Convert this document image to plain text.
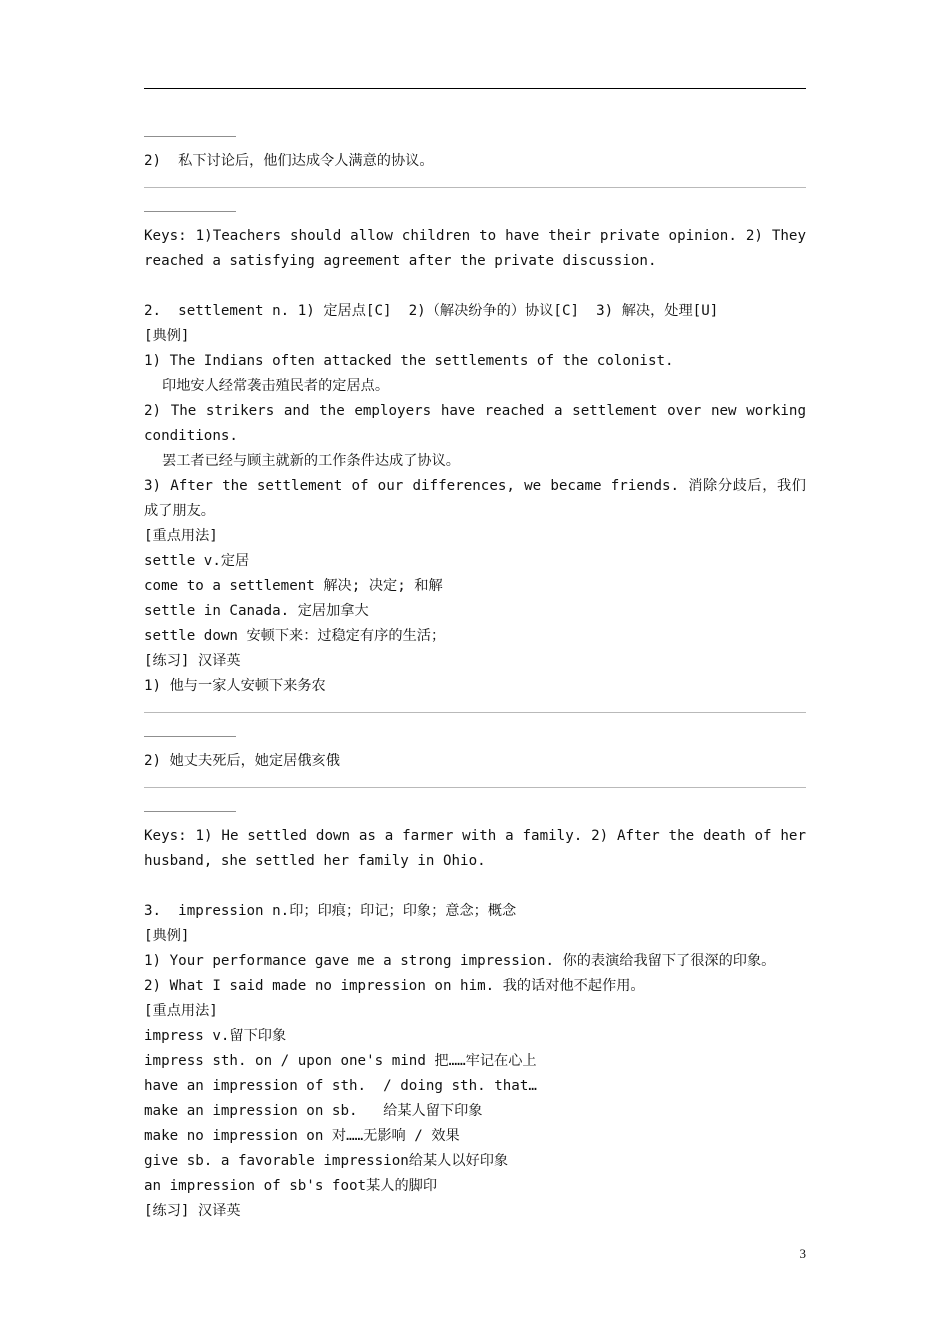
2)  私下讨论后，他们达成令人满意的协议。
Keys: 1)Teachers should allow children to have their private opinion. 2) They reached a satisfying agreement after the private discussion.
2.  settlement n. 1) 定居点[C]  2)（解决纷争的）协议[C]  3) 解决，处理[U]
[典例]
1) The Indians often attacked the settlements of the colonist.
印地安人经常袭击殖民者的定居点。
2) The strikers and the employers have reached a settlement over new working conditions.
罢工者已经与顾主就新的工作条件达成了协议。
3) After the settlement of our differences, we became friends. 消除分歧后，我们成了朋友。
[重点用法]
settle v.定居
come to a settlement 解决; 决定; 和解
settle in Canada. 定居加拿大
settle down 安顿下来：过稳定有序的生活；
[练习] 汉译英
1) 他与一家人安顿下来务农
2) 她丈夫死后，她定居俄亥俄
Keys: 1) He settled down as a farmer with a family. 2) After the death of her husband, she settled her family in Ohio.
3.  impression n.印；印痕；印记；印象；意念；概念
[典例]
1) Your performance gave me a strong impression. 你的表演给我留下了很深的印象。
2) What I said made no impression on him. 我的话对他不起作用。
[重点用法]
impress v.留下印象
impress sth. on / upon one's mind 把……牢记在心上
have an impression of sth.  / doing sth. that…
make an impression on sb.   给某人留下印象
make no impression on 对……无影响 / 效果
give sb. a favorable impression给某人以好印象
an impression of sb's foot某人的脚印
[练习] 汉译英
3
